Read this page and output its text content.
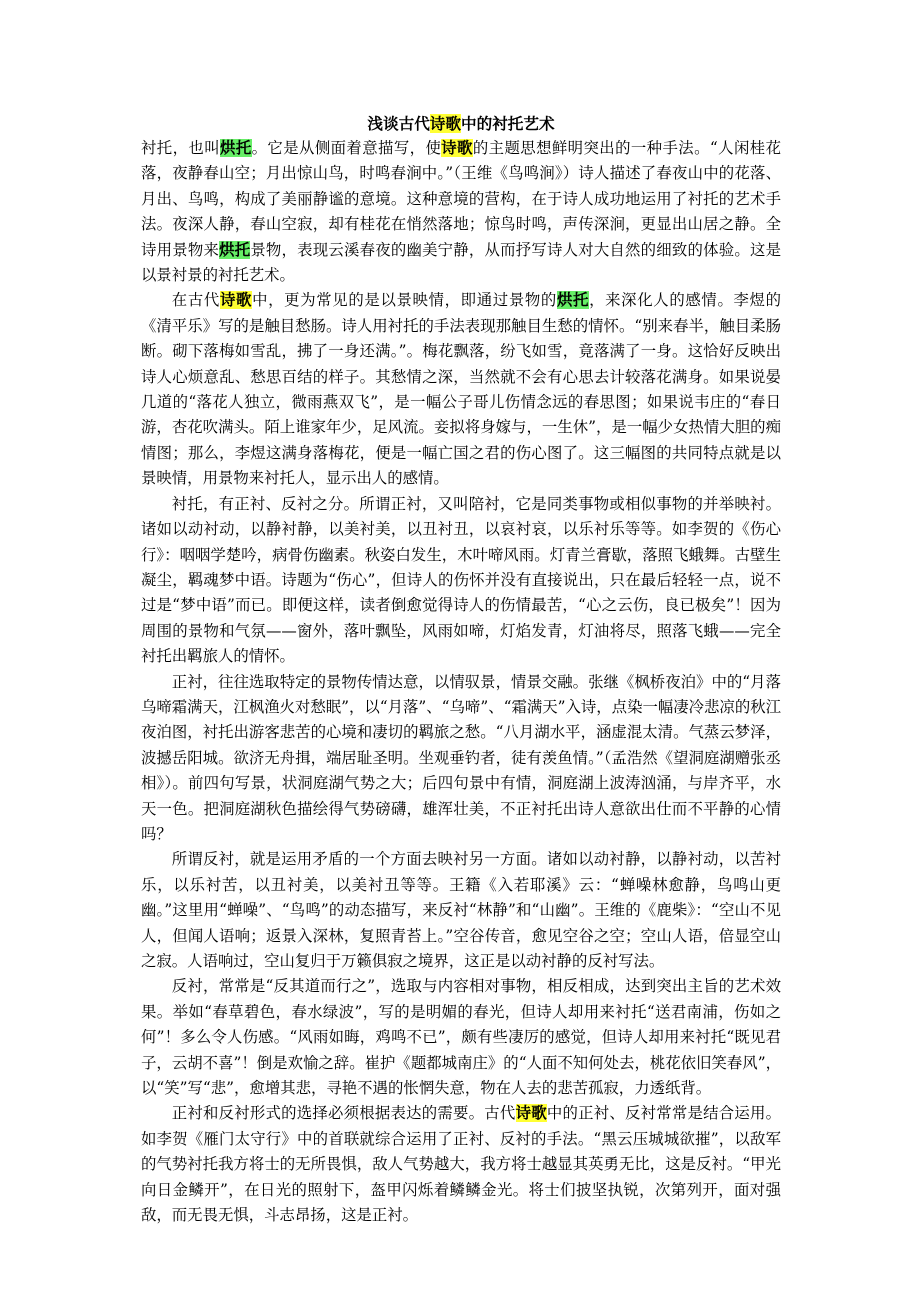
浅谈古代诗歌中的衬托艺术

衬托，也叫烘托。它是从侧面着意描写，使诗歌的主题思想鲜明突出的一种手法。“人闲桂花落，夜静春山空；月出惊山鸟，时鸣春涧中。”（王维《鸟鸣涧》）诗人描述了春夜山中的花落、月出、鸟鸣，构成了美丽静谧的意境。这种意境的营构，在于诗人成功地运用了衬托的艺术手法。夜深人静，春山空寂，却有桂花在悄然落地；惊鸟时鸣，声传深涧，更显出山居之静。全诗用景物来烘托景物，表现云溪春夜的幽美宁静，从而抒写诗人对大自然的细致的体验。这是以景衬景的衬托艺术。

在古代诗歌中，更为常见的是以景映情，即通过景物的烘托，来深化人的感情。李煜的《清平乐》写的是触目愁肠。诗人用衬托的手法表现那触目生愁的情怀。“别来春半，触目柔肠断。砌下落梅如雪乱，拂了一身还满。”。梅花飘落，纷飞如雪，竟落满了一身。这恰好反映出诗人心烦意乱、愁思百结的样子。其愁情之深，当然就不会有心思去计较落花满身。如果说晏几道的“落花人独立，微雨燕双飞”，是一幅公子哥儿伤情念远的春思图；如果说韦庄的“春日游，杏花吹满头。陌上谁家年少，足风流。妾拟将身嫁与，一生休”，是一幅少女热情大胆的痴情图；那么，李煜这满身落梅花，便是一幅亡国之君的伤心图了。这三幅图的共同特点就是以景映情，用景物来衬托人，显示出人的感情。

衬托，有正衬、反衬之分。所谓正衬，又叫陪衬，它是同类事物或相似事物的并举映衬。诸如以动衬动，以静衬静，以美衬美，以丑衬丑，以哀衬哀，以乐衬乐等等。如李贺的《伤心行》：咽咽学楚吟，病骨伤幽素。秋姿白发生，木叶啼风雨。灯青兰膏歇，落照飞蛾舞。古壁生凝尘，羁魂梦中语。诗题为“伤心”，但诗人的伤怀并没有直接说出，只在最后轻轻一点，说不过是“梦中语”而已。即便这样，读者倒愈觉得诗人的伤情最苦，“心之云伤，良已极矣”！因为周围的景物和气氛——窗外，落叶飘坠，风雨如啼，灯焰发青，灯油将尽，照落飞蛾——完全衬托出羁旅人的情怀。

正衬，往往选取特定的景物传情达意，以情驭景，情景交融。张继《枫桥夜泊》中的“月落乌啼霜满天，江枫渔火对愁眠”，以“月落”、“乌啼”、“霜满天”入诗，点染一幅凄冷悲凉的秋江夜泊图，衬托出游客悲苦的心境和凄切的羁旅之愁。“八月湖水平，涵虚混太清。气蒸云梦泽，波撼岳阳城。欲济无舟揖，端居耻圣明。坐观垂钓者，徒有羡鱼情。”（孟浩然《望洞庭湖赠张丞相》）。前四句写景，状洞庭湖气势之大；后四句景中有情，洞庭湖上波涛汹涌，与岸齐平，水天一色。把洞庭湖秋色描绘得气势磅礴，雄浑壮美，不正衬托出诗人意欲出仕而不平静的心情吗？

所谓反衬，就是运用矛盾的一个方面去映衬另一方面。诸如以动衬静，以静衬动，以苦衬乐，以乐衬苦，以丑衬美，以美衬丑等等。王籍《入若耶溪》云：“蝉噪林愈静，鸟鸣山更幽。”这里用“蝉噪”、“鸟鸣”的动态描写，来反衬“林静”和“山幽”。王维的《鹿柴》：“空山不见人，但闻人语响；返景入深林，复照青苔上。”空谷传音，愈见空谷之空；空山人语，倍显空山之寂。人语响过，空山复归于万籁俱寂之境界，这正是以动衬静的反衬写法。

反衬，常常是“反其道而行之”，选取与内容相对事物，相反相成，达到突出主旨的艺术效果。举如“春草碧色，春水绿波”，写的是明媚的春光，但诗人却用来衬托“送君南浦，伤如之何”！多么令人伤感。“风雨如晦，鸡鸣不已”，颇有些凄厉的感觉，但诗人却用来衬托“既见君子，云胡不喜”！倒是欢愉之辞。崔护《题都城南庄》的“人面不知何处去，桃花依旧笑春风”，以“笑”写“悲”，愈增其悲，寻艳不遇的怅惘失意，物在人去的悲苦孤寂，力透纸背。

正衬和反衬形式的选择必须根据表达的需要。古代诗歌中的正衬、反衬常常是结合运用。如李贺《雁门太守行》中的首联就综合运用了正衬、反衬的手法。“黑云压城城欲摧”，以敌军的气势衬托我方将士的无所畏惧，敌人气势越大，我方将士越显其英勇无比，这是反衬。“甲光向日金鳞开”，在日光的照射下，盔甲闪烁着鳞鳞金光。将士们披坚执锐，次第列开，面对强敌，而无畏无惧，斗志昂扬，这是正衬。
